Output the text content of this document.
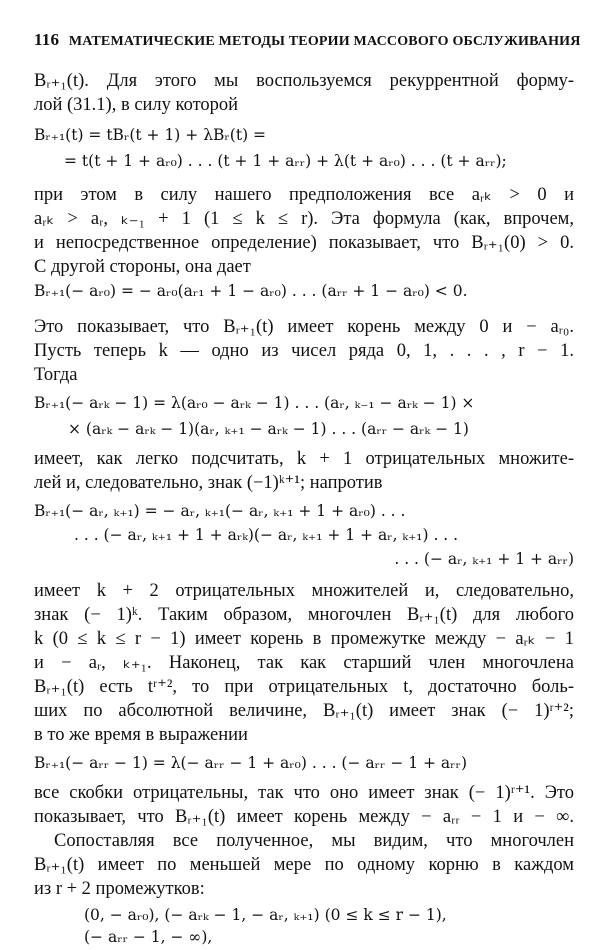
116 МАТЕМАТИЧЕСКИЕ МЕТОДЫ ТЕОРИИ МАССОВОГО ОБСЛУЖИВАНИЯ
Bᵣ₊₁(t). Для этого мы воспользуемся рекуррентной форму-
лой (31.1), в силу которой
Bᵣ₊₁(t) = tBᵣ(t + 1) + λBᵣ(t) =
= t(t + 1 + aᵣ₀) . . . (t + 1 + aᵣᵣ) + λ(t + aᵣ₀) . . . (t + aᵣᵣ);
при этом в силу нашего предположения все aᵣₖ > 0 и
aᵣₖ > aᵣ, ₖ₋₁ + 1 (1 ≤ k ≤ r). Эта формула (как, впрочем,
и непосредственное определение) показывает, что Bᵣ₊₁(0) > 0.
С другой стороны, она дает
Bᵣ₊₁(− aᵣ₀) = − aᵣ₀(aᵣ₁ + 1 − aᵣ₀) . . . (aᵣᵣ + 1 − aᵣ₀) < 0.
Это показывает, что Bᵣ₊₁(t) имеет корень между 0 и − aᵣ₀.
Пусть теперь k — одно из чисел ряда 0, 1, . . . , r − 1.
Тогда
Bᵣ₊₁(− aᵣₖ − 1) = λ(aᵣ₀ − aᵣₖ − 1) . . . (aᵣ, ₖ₋₁ − aᵣₖ − 1) ×
× (aᵣₖ − aᵣₖ − 1)(aᵣ, ₖ₊₁ − aᵣₖ − 1) . . . (aᵣᵣ − aᵣₖ − 1)
имеет, как легко подсчитать, k + 1 отрицательных множите-
лей и, следовательно, знак (−1)ᵏ⁺¹; напротив
Bᵣ₊₁(− aᵣ, ₖ₊₁) = − aᵣ, ₖ₊₁(− aᵣ, ₖ₊₁ + 1 + aᵣ₀) . . .
. . . (− aᵣ, ₖ₊₁ + 1 + aᵣₖ)(− aᵣ, ₖ₊₁ + 1 + aᵣ, ₖ₊₁) . . .
. . . (− aᵣ, ₖ₊₁ + 1 + aᵣᵣ)
имеет k + 2 отрицательных множителей и, следовательно,
знак (− 1)ᵏ. Таким образом, многочлен Bᵣ₊₁(t) для любого
k (0 ≤ k ≤ r − 1) имеет корень в промежутке между − aᵣₖ − 1
и − aᵣ, ₖ₊₁. Наконец, так как старший член многочлена
Bᵣ₊₁(t) есть tʳ⁺², то при отрицательных t, достаточно боль-
ших по абсолютной величине, Bᵣ₊₁(t) имеет знак (− 1)ʳ⁺²;
в то же время в выражении
Bᵣ₊₁(− aᵣᵣ − 1) = λ(− aᵣᵣ − 1 + aᵣ₀) . . . (− aᵣᵣ − 1 + aᵣᵣ)
все скобки отрицательны, так что оно имеет знак (− 1)ʳ⁺¹. Это
показывает, что Bᵣ₊₁(t) имеет корень между − aᵣᵣ − 1 и − ∞.
Сопоставляя все полученное, мы видим, что многочлен
Bᵣ₊₁(t) имеет по меньшей мере по одному корню в каждом
из r + 2 промежутков:
(0, − aᵣ₀), (− aᵣₖ − 1, − aᵣ, ₖ₊₁) (0 ≤ k ≤ r − 1),
(− aᵣᵣ − 1, − ∞),
